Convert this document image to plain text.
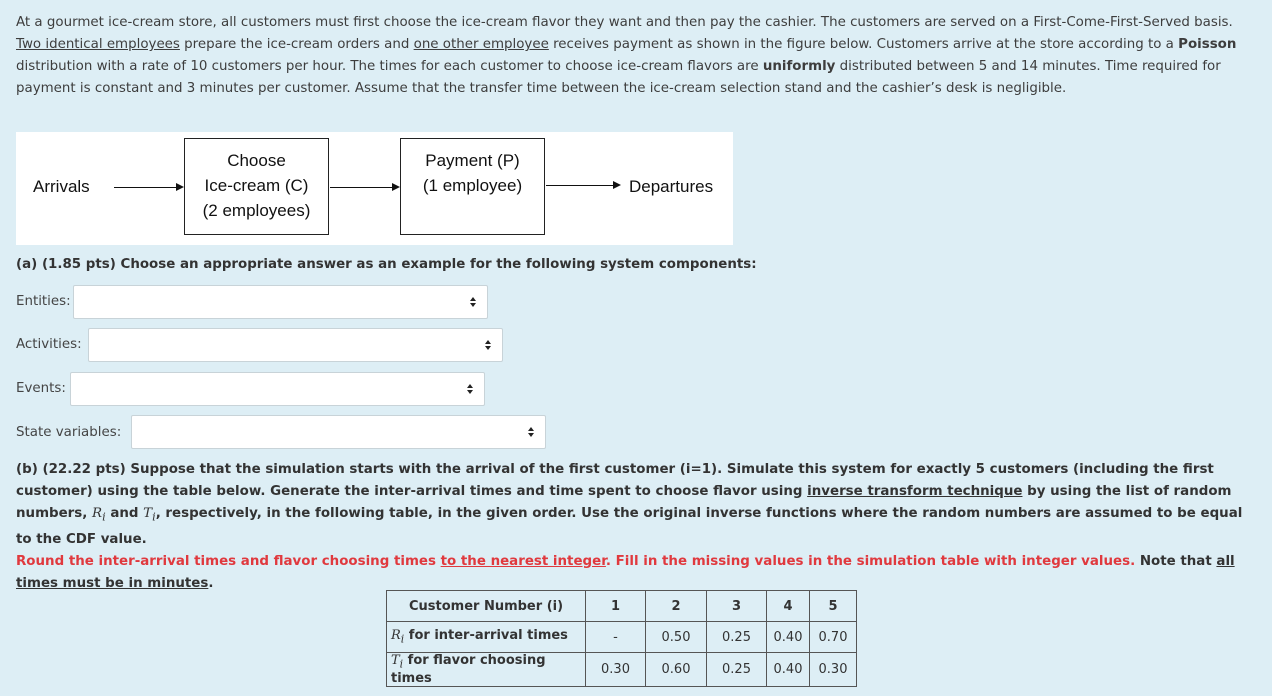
At a gourmet ice-cream store, all customers must first choose the ice-cream flavor they want and then pay the cashier. The customers are served on a First-Come-First-Served basis. Two identical employees prepare the ice-cream orders and one other employee receives payment as shown in the figure below. Customers arrive at the store according to a Poisson distribution with a rate of 10 customers per hour. The times for each customer to choose ice-cream flavors are uniformly distributed between 5 and 14 minutes. Time required for payment is constant and 3 minutes per customer. Assume that the transfer time between the ice-cream selection stand and the cashier’s desk is negligible.
Arrivals
Choose
Ice-cream (C)
(2 employees)
Payment (P)
(1 employee)	Departures
(a) (1.85 pts) Choose an appropriate answer as an example for the following system components:
Entities:
Activities:
Events:
State variables:
(b) (22.22 pts) Suppose that the simulation starts with the arrival of the first customer (i=1). Simulate this system for exactly 5 customers (including the first customer) using the table below. Generate the inter-arrival times and time spent to choose flavor using inverse transform technique by using the list of random numbers, $R_i$ and $T_i$, respectively, in the following table, in the given order. Use the original inverse functions where the random numbers are assumed to be equal to the CDF value.
Round the inter-arrival times and flavor choosing times to the nearest integer. Fill in the missing values in the simulation table with integer values. Note that all times must be in minutes.
Customer Number (i)	1	2	3	4	5
$R_i$ for inter-arrival times	-	0.50	0.25	0.40	0.70
$T_i$ for flavor choosing times	0.30	0.60	0.25	0.40	0.30
